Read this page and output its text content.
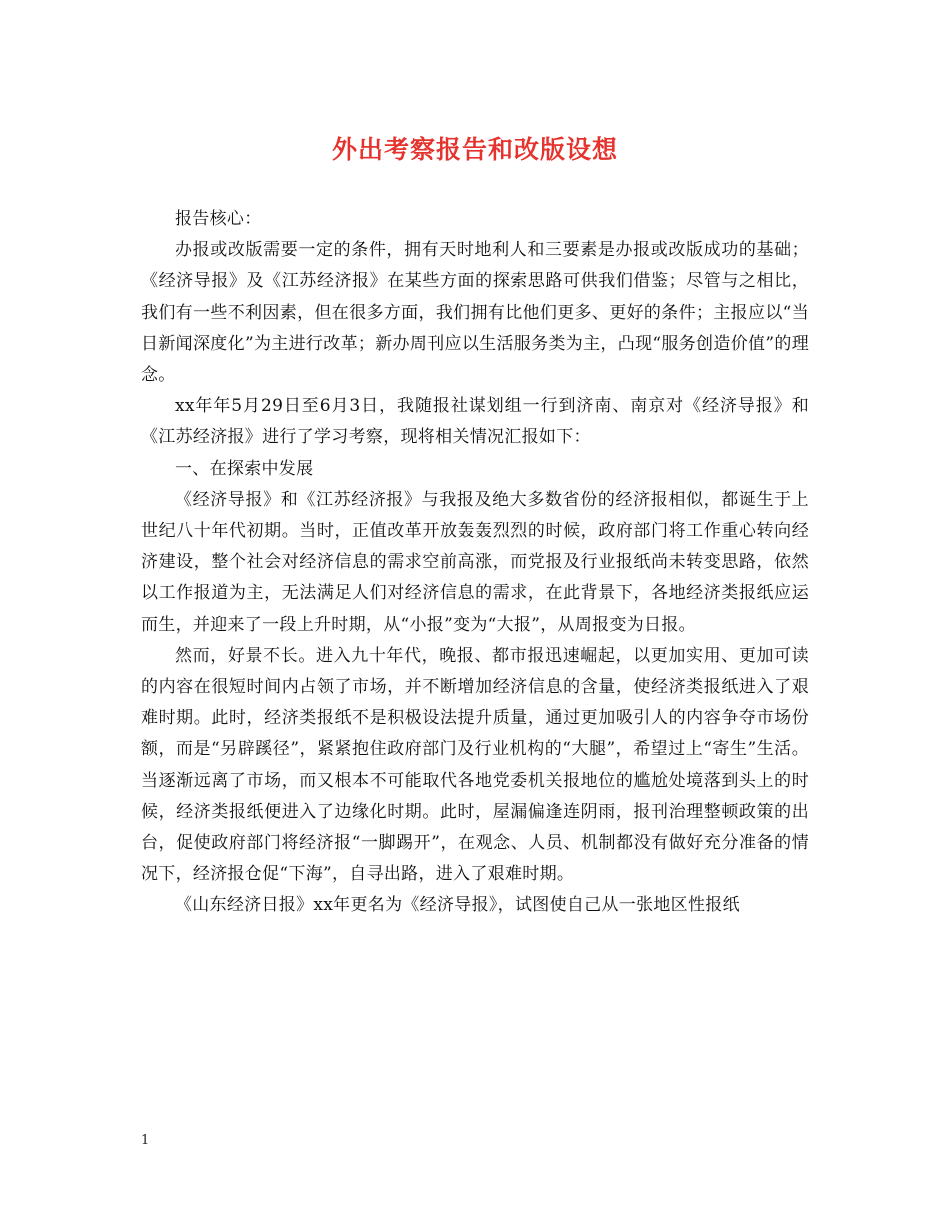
外出考察报告和改版设想

报告核心：

办报或改版需要一定的条件，拥有天时地利人和三要素是办报或改版成功的基础；《经济导报》及《江苏经济报》在某些方面的探索思路可供我们借鉴；尽管与之相比，我们有一些不利因素，但在很多方面，我们拥有比他们更多、更好的条件；主报应以“当日新闻深度化”为主进行改革；新办周刊应以生活服务类为主，凸现“服务创造价值”的理念。

xx年年5月29日至6月3日，我随报社谋划组一行到济南、南京对《经济导报》和《江苏经济报》进行了学习考察，现将相关情况汇报如下：

一、在探索中发展

《经济导报》和《江苏经济报》与我报及绝大多数省份的经济报相似，都诞生于上世纪八十年代初期。当时，正值改革开放轰轰烈烈的时候，政府部门将工作重心转向经济建设，整个社会对经济信息的需求空前高涨，而党报及行业报纸尚未转变思路，依然以工作报道为主，无法满足人们对经济信息的需求，在此背景下，各地经济类报纸应运而生，并迎来了一段上升时期，从“小报”变为“大报”，从周报变为日报。

然而，好景不长。进入九十年代，晚报、都市报迅速崛起，以更加实用、更加可读的内容在很短时间内占领了市场，并不断增加经济信息的含量，使经济类报纸进入了艰难时期。此时，经济类报纸不是积极设法提升质量，通过更加吸引人的内容争夺市场份额，而是“另辟蹊径”，紧紧抱住政府部门及行业机构的“大腿”，希望过上“寄生”生活。当逐渐远离了市场，而又根本不可能取代各地党委机关报地位的尴尬处境落到头上的时候，经济类报纸便进入了边缘化时期。此时，屋漏偏逢连阴雨，报刊治理整顿政策的出台，促使政府部门将经济报“一脚踢开”，在观念、人员、机制都没有做好充分准备的情况下，经济报仓促“下海”，自寻出路，进入了艰难时期。

《山东经济日报》xx年更名为《经济导报》，试图使自己从一张地区性报纸

1
